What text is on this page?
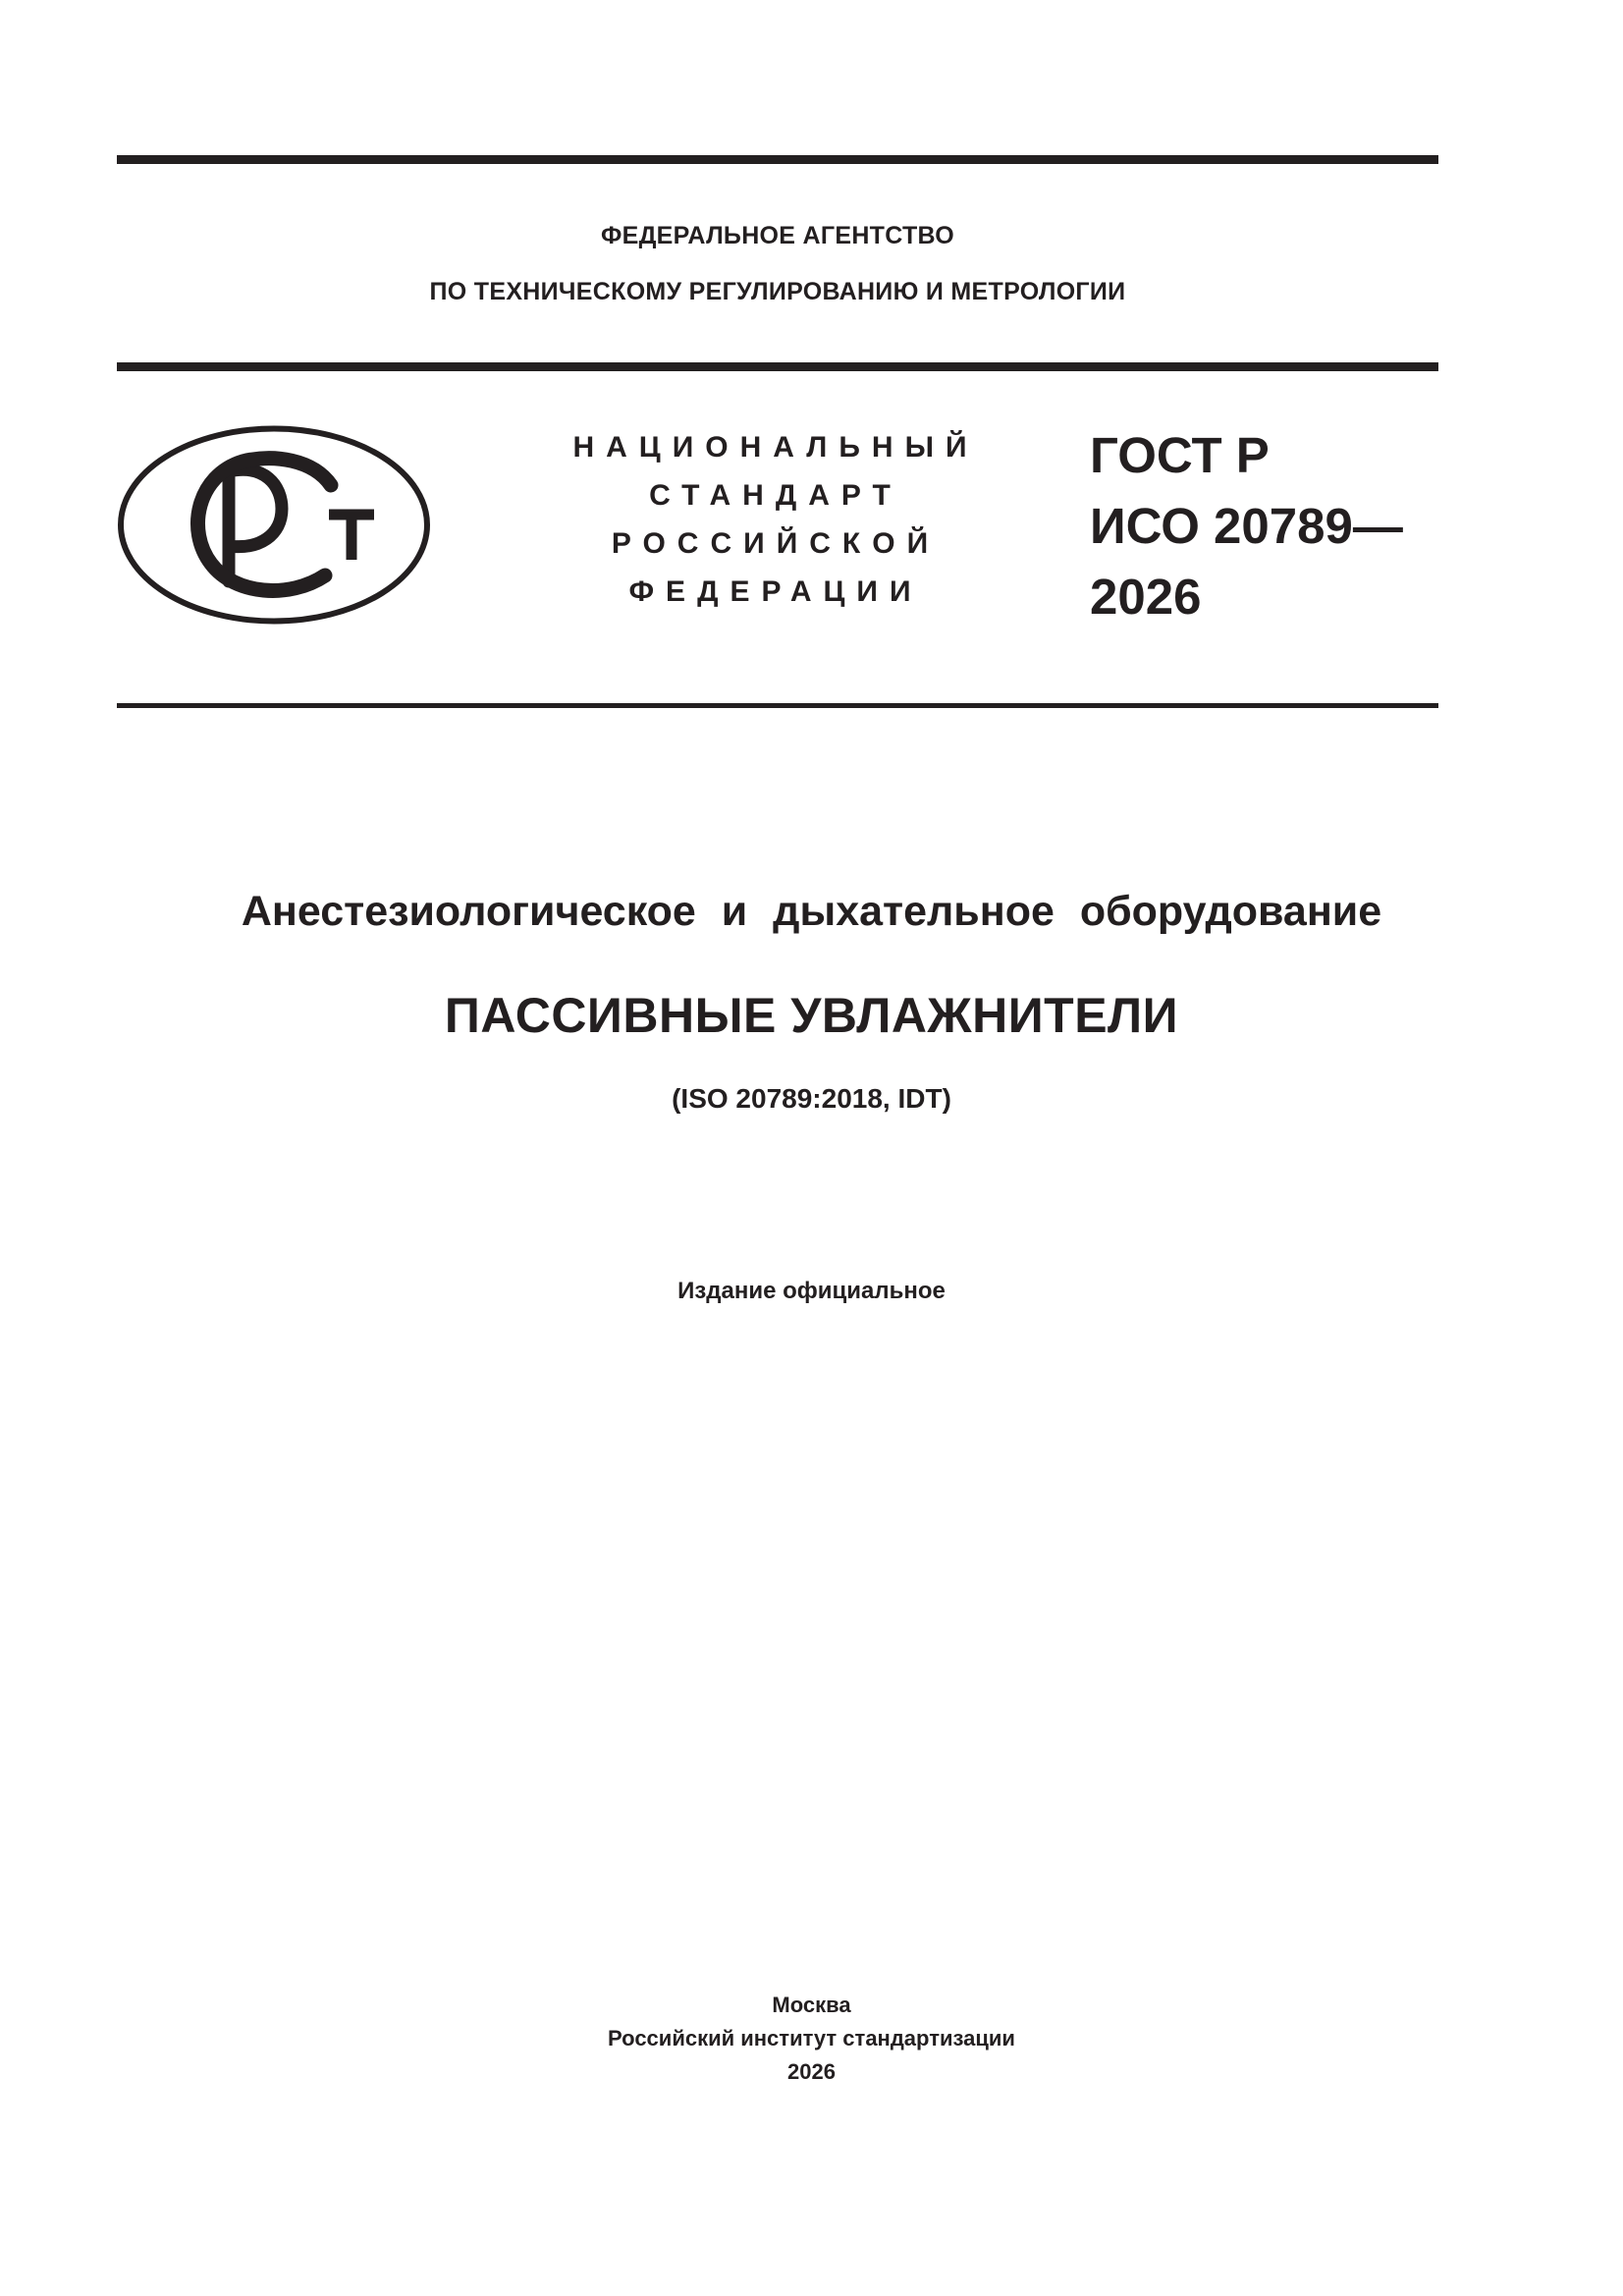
ФЕДЕРАЛЬНОЕ АГЕНТСТВО
ПО ТЕХНИЧЕСКОМУ РЕГУЛИРОВАНИЮ И МЕТРОЛОГИИ
НАЦИОНАЛЬНЫЙ
СТАНДАРТ
РОССИЙСКОЙ
ФЕДЕРАЦИИ
ГОСТ Р
ИСО 20789—
2026
Анестезиологическое и дыхательное оборудование
ПАССИВНЫЕ УВЛАЖНИТЕЛИ
(ISO 20789:2018, IDT)
Издание официальное
Москва
Российский институт стандартизации
2026
